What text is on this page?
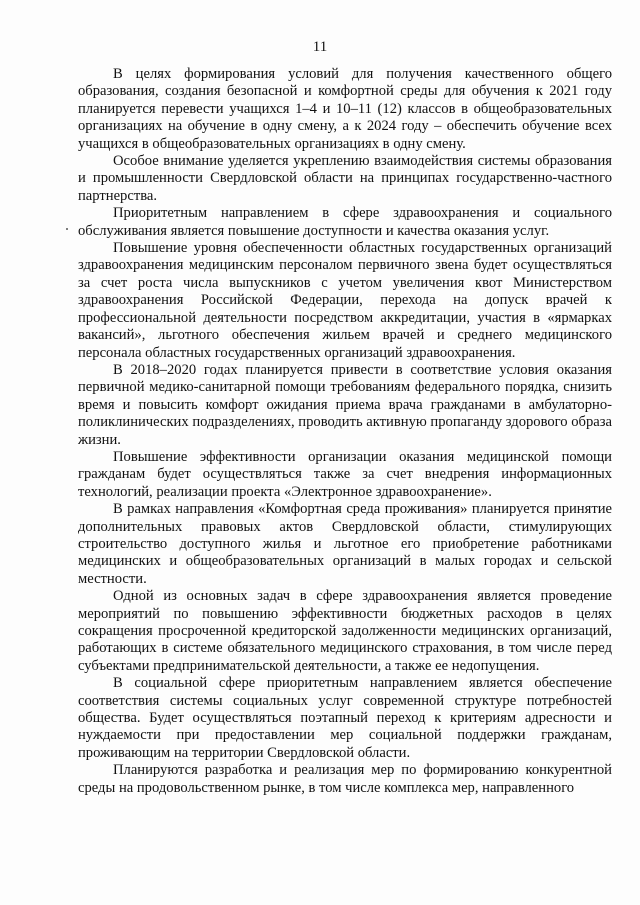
11

В целях формирования условий для получения качественного общего образования, создания безопасной и комфортной среды для обучения к 2021 году планируется перевести учащихся 1–4 и 10–11 (12) классов в общеобразовательных организациях на обучение в одну смену, а к 2024 году – обеспечить обучение всех учащихся в общеобразовательных организациях в одну смену.

Особое внимание уделяется укреплению взаимодействия системы образования и промышленности Свердловской области на принципах государственно-частного партнерства.

Приоритетным направлением в сфере здравоохранения и социального обслуживания является повышение доступности и качества оказания услуг.

Повышение уровня обеспеченности областных государственных организаций здравоохранения медицинским персоналом первичного звена будет осуществляться за счет роста числа выпускников с учетом увеличения квот Министерством здравоохранения Российской Федерации, перехода на допуск врачей к профессиональной деятельности посредством аккредитации, участия в «ярмарках вакансий», льготного обеспечения жильем врачей и среднего медицинского персонала областных государственных организаций здравоохранения.

В 2018–2020 годах планируется привести в соответствие условия оказания первичной медико-санитарной помощи требованиям федерального порядка, снизить время и повысить комфорт ожидания приема врача гражданами в амбулаторно-поликлинических подразделениях, проводить активную пропаганду здорового образа жизни.

Повышение эффективности организации оказания медицинской помощи гражданам будет осуществляться также за счет внедрения информационных технологий, реализации проекта «Электронное здравоохранение».

В рамках направления «Комфортная среда проживания» планируется принятие дополнительных правовых актов Свердловской области, стимулирующих строительство доступного жилья и льготное его приобретение работниками медицинских и общеобразовательных организаций в малых городах и сельской местности.

Одной из основных задач в сфере здравоохранения является проведение мероприятий по повышению эффективности бюджетных расходов в целях сокращения просроченной кредиторской задолженности медицинских организаций, работающих в системе обязательного медицинского страхования, в том числе перед субъектами предпринимательской деятельности, а также ее недопущения.

В социальной сфере приоритетным направлением является обеспечение соответствия системы социальных услуг современной структуре потребностей общества. Будет осуществляться поэтапный переход к критериям адресности и нуждаемости при предоставлении мер социальной поддержки гражданам, проживающим на территории Свердловской области.

Планируются разработка и реализация мер по формированию конкурентной среды на продовольственном рынке, в том числе комплекса мер, направленного
